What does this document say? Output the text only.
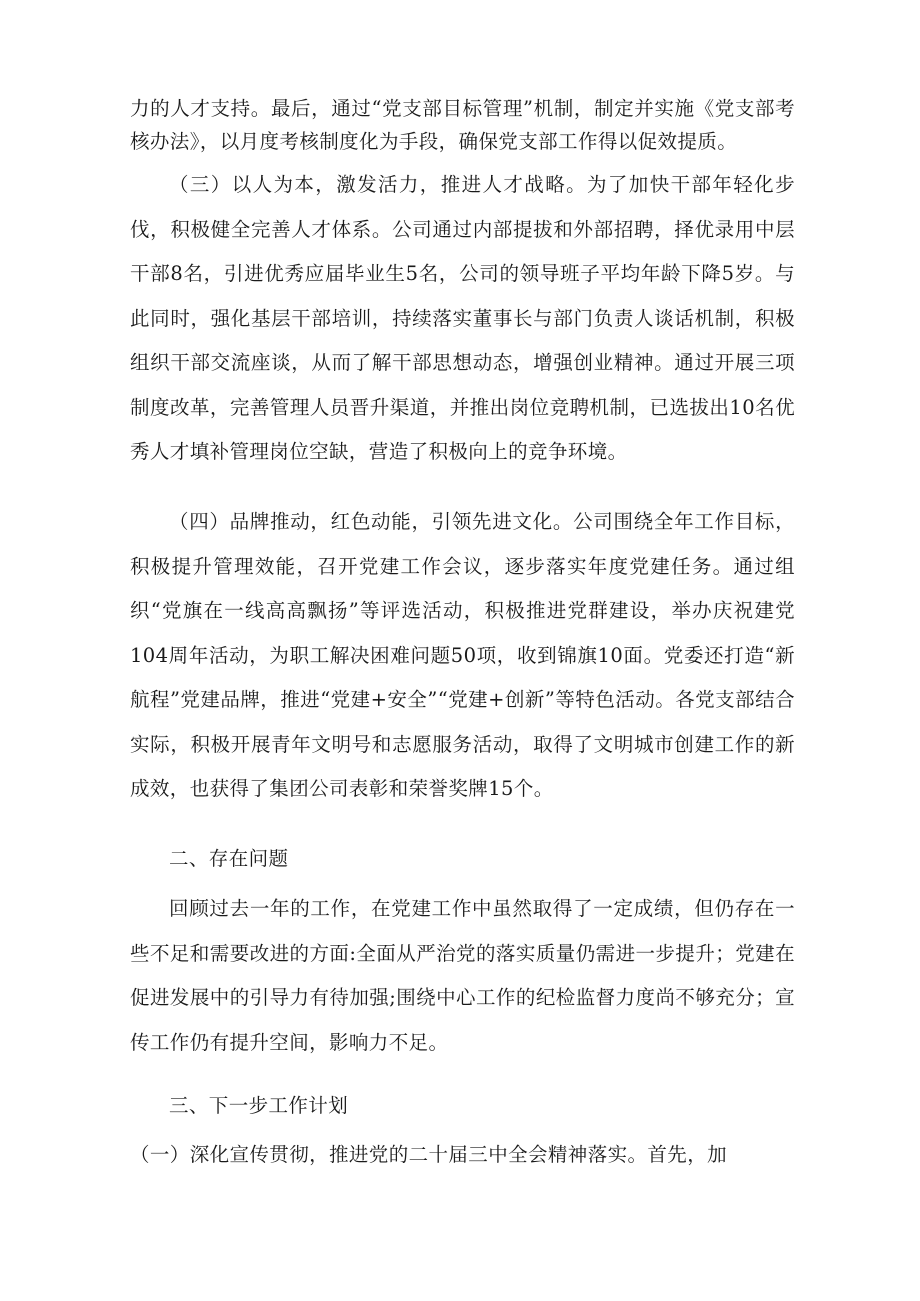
力的人才支持。最后，通过“党支部目标管理”机制，制定并实施《党支部考核办法》，以月度考核制度化为手段，确保党支部工作得以促效提质。

（三）以人为本，激发活力，推进人才战略。为了加快干部年轻化步伐，积极健全完善人才体系。公司通过内部提拔和外部招聘，择优录用中层干部8名，引进优秀应届毕业生5名，公司的领导班子平均年龄下降5岁。与此同时，强化基层干部培训，持续落实董事长与部门负责人谈话机制，积极组织干部交流座谈，从而了解干部思想动态，增强创业精神。通过开展三项制度改革，完善管理人员晋升渠道，并推出岗位竞聘机制，已选拔出10名优秀人才填补管理岗位空缺，营造了积极向上的竞争环境。

（四）品牌推动，红色动能，引领先进文化。公司围绕全年工作目标，积极提升管理效能，召开党建工作会议，逐步落实年度党建任务。通过组织“党旗在一线高高飘扬”等评选活动，积极推进党群建设，举办庆祝建党104周年活动，为职工解决困难问题50项，收到锦旗10面。党委还打造“新航程”党建品牌，推进“党建+安全”“党建+创新”等特色活动。各党支部结合实际，积极开展青年文明号和志愿服务活动，取得了文明城市创建工作的新成效，也获得了集团公司表彰和荣誉奖牌15个。

二、存在问题

回顾过去一年的工作，在党建工作中虽然取得了一定成绩，但仍存在一些不足和需要改进的方面:全面从严治党的落实质量仍需进一步提升；党建在促进发展中的引导力有待加强;围绕中心工作的纪检监督力度尚不够充分；宣传工作仍有提升空间，影响力不足。

三、下一步工作计划

（一）深化宣传贯彻，推进党的二十届三中全会精神落实。首先，加
